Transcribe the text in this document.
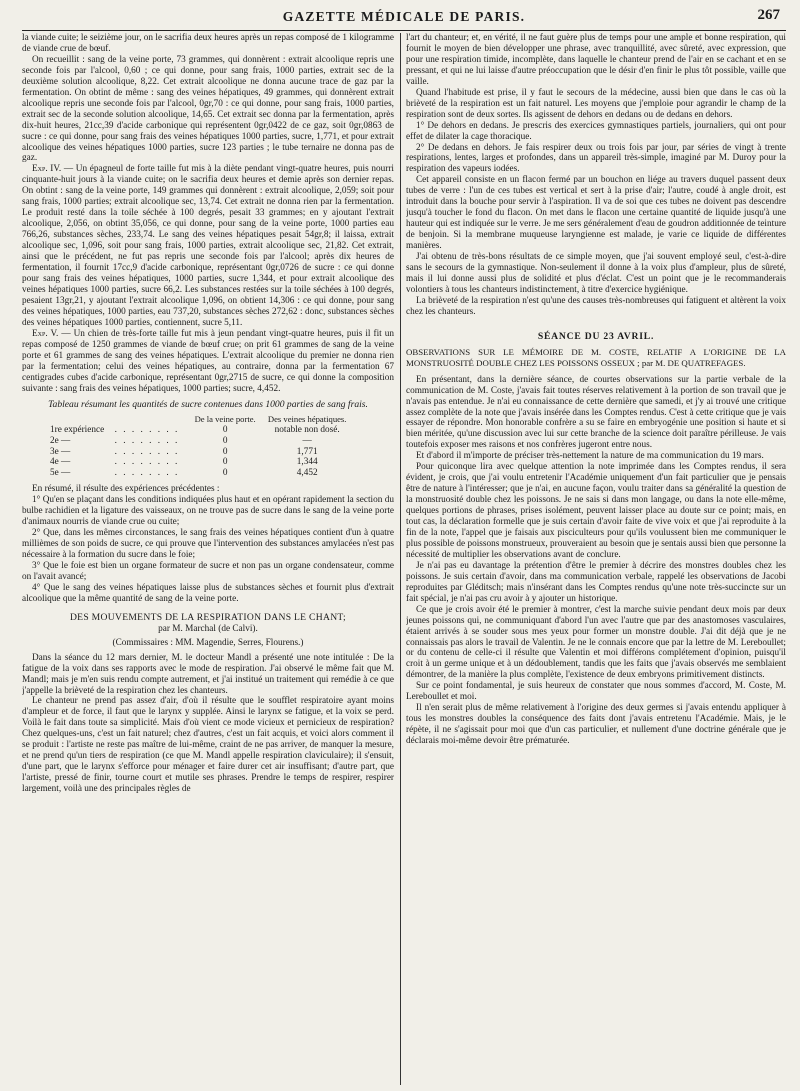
GAZETTE MÉDICALE DE PARIS.	267

la viande cuite; le seizième jour, on le sacrifia deux heures après un repas composé de 1 kilogramme de viande crue de bœuf.

On recueillit : sang de la veine porte, 73 grammes, qui donnèrent : extrait alcoolique repris une seconde fois par l'alcool, 0,60 ; ce qui donne, pour sang frais, 1000 parties, extrait sec de la deuxième solution alcoolique, 8,22. Cet extrait alcoolique ne donna aucune trace de gaz par la fermentation. On obtint de même : sang des veines hépatiques, 49 grammes, qui donnèrent extrait alcoolique repris une seconde fois par l'alcool, 0gr,70 : ce qui donne, pour sang frais, 1000 parties, extrait sec de la seconde solution alcoolique, 14,65. Cet extrait sec donna par la fermentation, après dix-huit heures, 21cc,39 d'acide carbonique qui représentent 0gr,0422 de ce gaz, soit 0gr,0863 de sucre : ce qui donne, pour sang frais des veines hépatiques 1000 parties, sucre, 1,771, et pour extrait alcoolique des veines hépatiques 1000 parties, sucre 123 parties ; le tube ternaire ne donna pas de gaz.

Exp. IV. — Un épagneul de forte taille fut mis à la diète pendant vingt-quatre heures, puis nourri cinquante-huit jours à la viande cuite; on le sacrifia deux heures et demie après son dernier repas. On obtint : sang de la veine porte, 149 grammes qui donnèrent : extrait alcoolique, 2,059; soit pour sang frais, 1000 parties; extrait alcoolique sec, 13,74. Cet extrait ne donna rien par la fermentation. Le produit resté dans la toile séchée à 100 degrés, pesait 33 grammes; en y ajoutant l'extrait alcoolique, 2,056, on obtint 35,056, ce qui donne, pour sang de la veine porte, 1000 parties eau 766,26, substances sèches, 233,74. Le sang des veines hépatiques pesait 54gr,8; il laissa, extrait alcoolique sec, 1,096, soit pour sang frais, 1000 parties, extrait alcoolique sec, 21,82. Cet extrait, ainsi que le précédent, ne fut pas repris une seconde fois par l'alcool; après dix heures de fermentation, il fournit 17cc,9 d'acide carbonique, représentant 0gr,0726 de sucre : ce qui donne pour sang frais des veines hépatiques, 1000 parties, sucre 1,344, et pour extrait alcoolique des veines hépatiques 1000 parties, sucre 66,2. Les substances restées sur la toile séchées à 100 degrés, pesaient 13gr,21, y ajoutant l'extrait alcoolique 1,096, on obtient 14,306 : ce qui donne, pour sang des veines hépatiques, 1000 parties, eau 737,20, substances sèches 272,62 : donc, substances sèches des veines hépatiques 1000 parties, contiennent, sucre 5,11.

Exp. V. — Un chien de très-forte taille fut mis à jeun pendant vingt-quatre heures, puis il fit un repas composé de 1250 grammes de viande de bœuf crue; on prit 61 grammes de sang de la veine porte et 61 grammes de sang des veines hépatiques. L'extrait alcoolique du premier ne donna rien par la fermentation; celui des veines hépatiques, au contraire, donna par la fermentation 67 centigrades cubes d'acide carbonique, représentant 0gr,2715 de sucre, ce qui donne la composition suivante : sang frais des veines hépatiques, 1000 parties; sucre, 4,452.

Tableau résumant les quantités de sucre contenues dans 1000 parties de sang frais.
		De la veine porte.	Des veines hépatiques.
1re expérience	. . . . . . . .	0	notable non dosé.
2e —	. . . . . . . .	0	—
3e —	. . . . . . . .	0	1,771
4e —	. . . . . . . .	0	1,344
5e —	. . . . . . . .	0	4,452

En résumé, il résulte des expériences précédentes :

1° Qu'en se plaçant dans les conditions indiquées plus haut et en opérant rapidement la section du bulbe rachidien et la ligature des vaisseaux, on ne trouve pas de sucre dans le sang de la veine porte d'animaux nourris de viande crue ou cuite;

2° Que, dans les mêmes circonstances, le sang frais des veines hépatiques contient d'un à quatre millièmes de son poids de sucre, ce qui prouve que l'intervention des substances amylacées n'est pas nécessaire à la formation du sucre dans le foie;

3° Que le foie est bien un organe formateur de sucre et non pas un organe condensateur, comme on l'avait avancé;

4° Que le sang des veines hépatiques laisse plus de substances sèches et fournit plus d'extrait alcoolique que la même quantité de sang de la veine porte.

DES MOUVEMENTS DE LA RESPIRATION DANS LE CHANT;
par M. Marchal (de Calvi).
(Commissaires : MM. Magendie, Serres, Flourens.)

Dans la séance du 12 mars dernier, M. le docteur Mandl a présenté une note intitulée : De la fatigue de la voix dans ses rapports avec le mode de respiration. J'ai observé le même fait que M. Mandl; mais je m'en suis rendu compte autrement, et j'ai institué un traitement qui remédie à ce que j'appelle la brièveté de la respiration chez les chanteurs.

Le chanteur ne prend pas assez d'air, d'où il résulte que le soufflet respiratoire ayant moins d'ampleur et de force, il faut que le larynx y supplée. Ainsi le larynx se fatigue, et la voix se perd. Voilà le fait dans toute sa simplicité. Mais d'où vient ce mode vicieux et pernicieux de respiration? Chez quelques-uns, c'est un fait naturel; chez d'autres, c'est un fait acquis, et voici alors comment il se produit : l'artiste ne reste pas maître de lui-même, craint de ne pas arriver, de manquer la mesure, et ne prend qu'un tiers de respiration (ce que M. Mandl appelle respiration claviculaire); il s'ensuit, d'une part, que le larynx s'efforce pour ménager et faire durer cet air insuffisant; d'autre part, que l'artiste, pressé de finir, tourne court et mutile ses phrases. Prendre le temps de respirer, respirer largement, voilà une des principales règles de

l'art du chanteur; et, en vérité, il ne faut guère plus de temps pour une ample et bonne respiration, qui fournit le moyen de bien développer une phrase, avec tranquillité, avec sûreté, avec expression, que pour une respiration timide, incomplète, dans laquelle le chanteur prend de l'air en se cachant et en se pressant, et qui ne lui laisse d'autre préoccupation que le désir d'en finir le plus tôt possible, vaille que vaille.

Quand l'habitude est prise, il y faut le secours de la médecine, aussi bien que dans le cas où la brièveté de la respiration est un fait naturel. Les moyens que j'emploie pour agrandir le champ de la respiration sont de deux sortes. Ils agissent de dehors en dedans ou de dedans en dehors.

1° De dehors en dedans. Je prescris des exercices gymnastiques partiels, journaliers, qui ont pour effet de dilater la cage thoracique.

2° De dedans en dehors. Je fais respirer deux ou trois fois par jour, par séries de vingt à trente respirations, lentes, larges et profondes, dans un appareil très-simple, imaginé par M. Duroy pour la respiration des vapeurs iodées.

Cet appareil consiste en un flacon fermé par un bouchon en liége au travers duquel passent deux tubes de verre : l'un de ces tubes est vertical et sert à la prise d'air; l'autre, coudé à angle droit, est introduit dans la bouche pour servir à l'aspiration. Il va de soi que ces tubes ne doivent pas descendre jusqu'à toucher le fond du flacon. On met dans le flacon une certaine quantité de liquide jusqu'à une hauteur qui est indiquée sur le verre. Je me sers généralement d'eau de goudron additionnée de teinture de benjoin. Si la membrane muqueuse laryngienne est malade, je varie ce liquide de différentes manières.

J'ai obtenu de très-bons résultats de ce simple moyen, que j'ai souvent employé seul, c'est-à-dire sans le secours de la gymnastique. Non-seulement il donne à la voix plus d'ampleur, plus de sûreté, mais il lui donne aussi plus de solidité et plus d'éclat. C'est un point que je le recommanderais volontiers à tous les chanteurs indistinctement, à titre d'exercice hygiénique.

La brièveté de la respiration n'est qu'une des causes très-nombreuses qui fatiguent et altèrent la voix chez les chanteurs.

SÉANCE DU 23 AVRIL.

OBSERVATIONS SUR LE MÉMOIRE DE M. COSTE, RELATIF A L'ORIGINE DE LA MONSTRUOSITÉ DOUBLE CHEZ LES POISSONS OSSEUX ; par M. DE QUATREFAGES.

En présentant, dans la dernière séance, de courtes observations sur la partie verbale de la communication de M. Coste, j'avais fait toutes réserves relativement à la portion de son travail que je n'avais pas entendue. Je n'ai eu connaissance de cette dernière que samedi, et j'y ai trouvé une critique assez complète de la note que j'avais insérée dans les Comptes rendus. C'est à cette critique que je vais essayer de répondre. Mon honorable confrère a su se faire en embryogénie une position si haute et si bien méritée, qu'une discussion avec lui sur cette branche de la science doit paraître périlleuse. Je vais toutefois exposer mes raisons et nos confrères jugeront entre nous.

Et d'abord il m'importe de préciser très-nettement la nature de ma communication du 19 mars.

Pour quiconque lira avec quelque attention la note imprimée dans les Comptes rendus, il sera évident, je crois, que j'ai voulu entretenir l'Académie uniquement d'un fait particulier que je pensais être de nature à l'intéresser; que je n'ai, en aucune façon, voulu traiter dans sa généralité la question de la monstruosité double chez les poissons. Je ne sais si dans mon langage, ou dans la note elle-même, quelques portions de phrases, prises isolément, peuvent laisser place au doute sur ce point; mais, en tout cas, la déclaration formelle que je suis certain d'avoir faite de vive voix et que j'ai reproduite à la fin de la note, l'appel que je faisais aux pisciculteurs pour qu'ils voulussent bien me communiquer le plus possible de poissons monstrueux, prouveraient au besoin que je sentais aussi bien que personne la nécessité de multiplier les observations avant de conclure.

Je n'ai pas eu davantage la prétention d'être le premier à décrire des monstres doubles chez les poissons. Je suis certain d'avoir, dans ma communication verbale, rappelé les observations de Jacobi reproduites par Gléditsch; mais n'insérant dans les Comptes rendus qu'une note très-succincte sur un fait spécial, je n'ai pas cru avoir à y ajouter un historique.

Ce que je crois avoir été le premier à montrer, c'est la marche suivie pendant deux mois par deux jeunes poissons qui, ne communiquant d'abord l'un avec l'autre que par des anastomoses vasculaires, étaient arrivés à se souder sous mes yeux pour former un monstre double. J'ai dit déjà que je ne connaissais pas alors le travail de Valentin. Je ne le connais encore que par la lettre de M. Lereboullet; or du contenu de celle-ci il résulte que Valentin et moi différons complétement d'opinion, puisqu'il croit à un germe unique et à un dédoublement, tandis que les faits que j'avais observés me semblaient démontrer, de la manière la plus complète, l'existence de deux embryons primitivement distincts.

Sur ce point fondamental, je suis heureux de constater que nous sommes d'accord, M. Coste, M. Lereboullet et moi.

Il n'en serait plus de même relativement à l'origine des deux germes si j'avais entendu appliquer à tous les monstres doubles la conséquence des faits dont j'avais entretenu l'Académie. Mais, je le répète, il ne s'agissait pour moi que d'un cas particulier, et nullement d'une doctrine générale que je déclarais moi-même devoir être prématurée.
